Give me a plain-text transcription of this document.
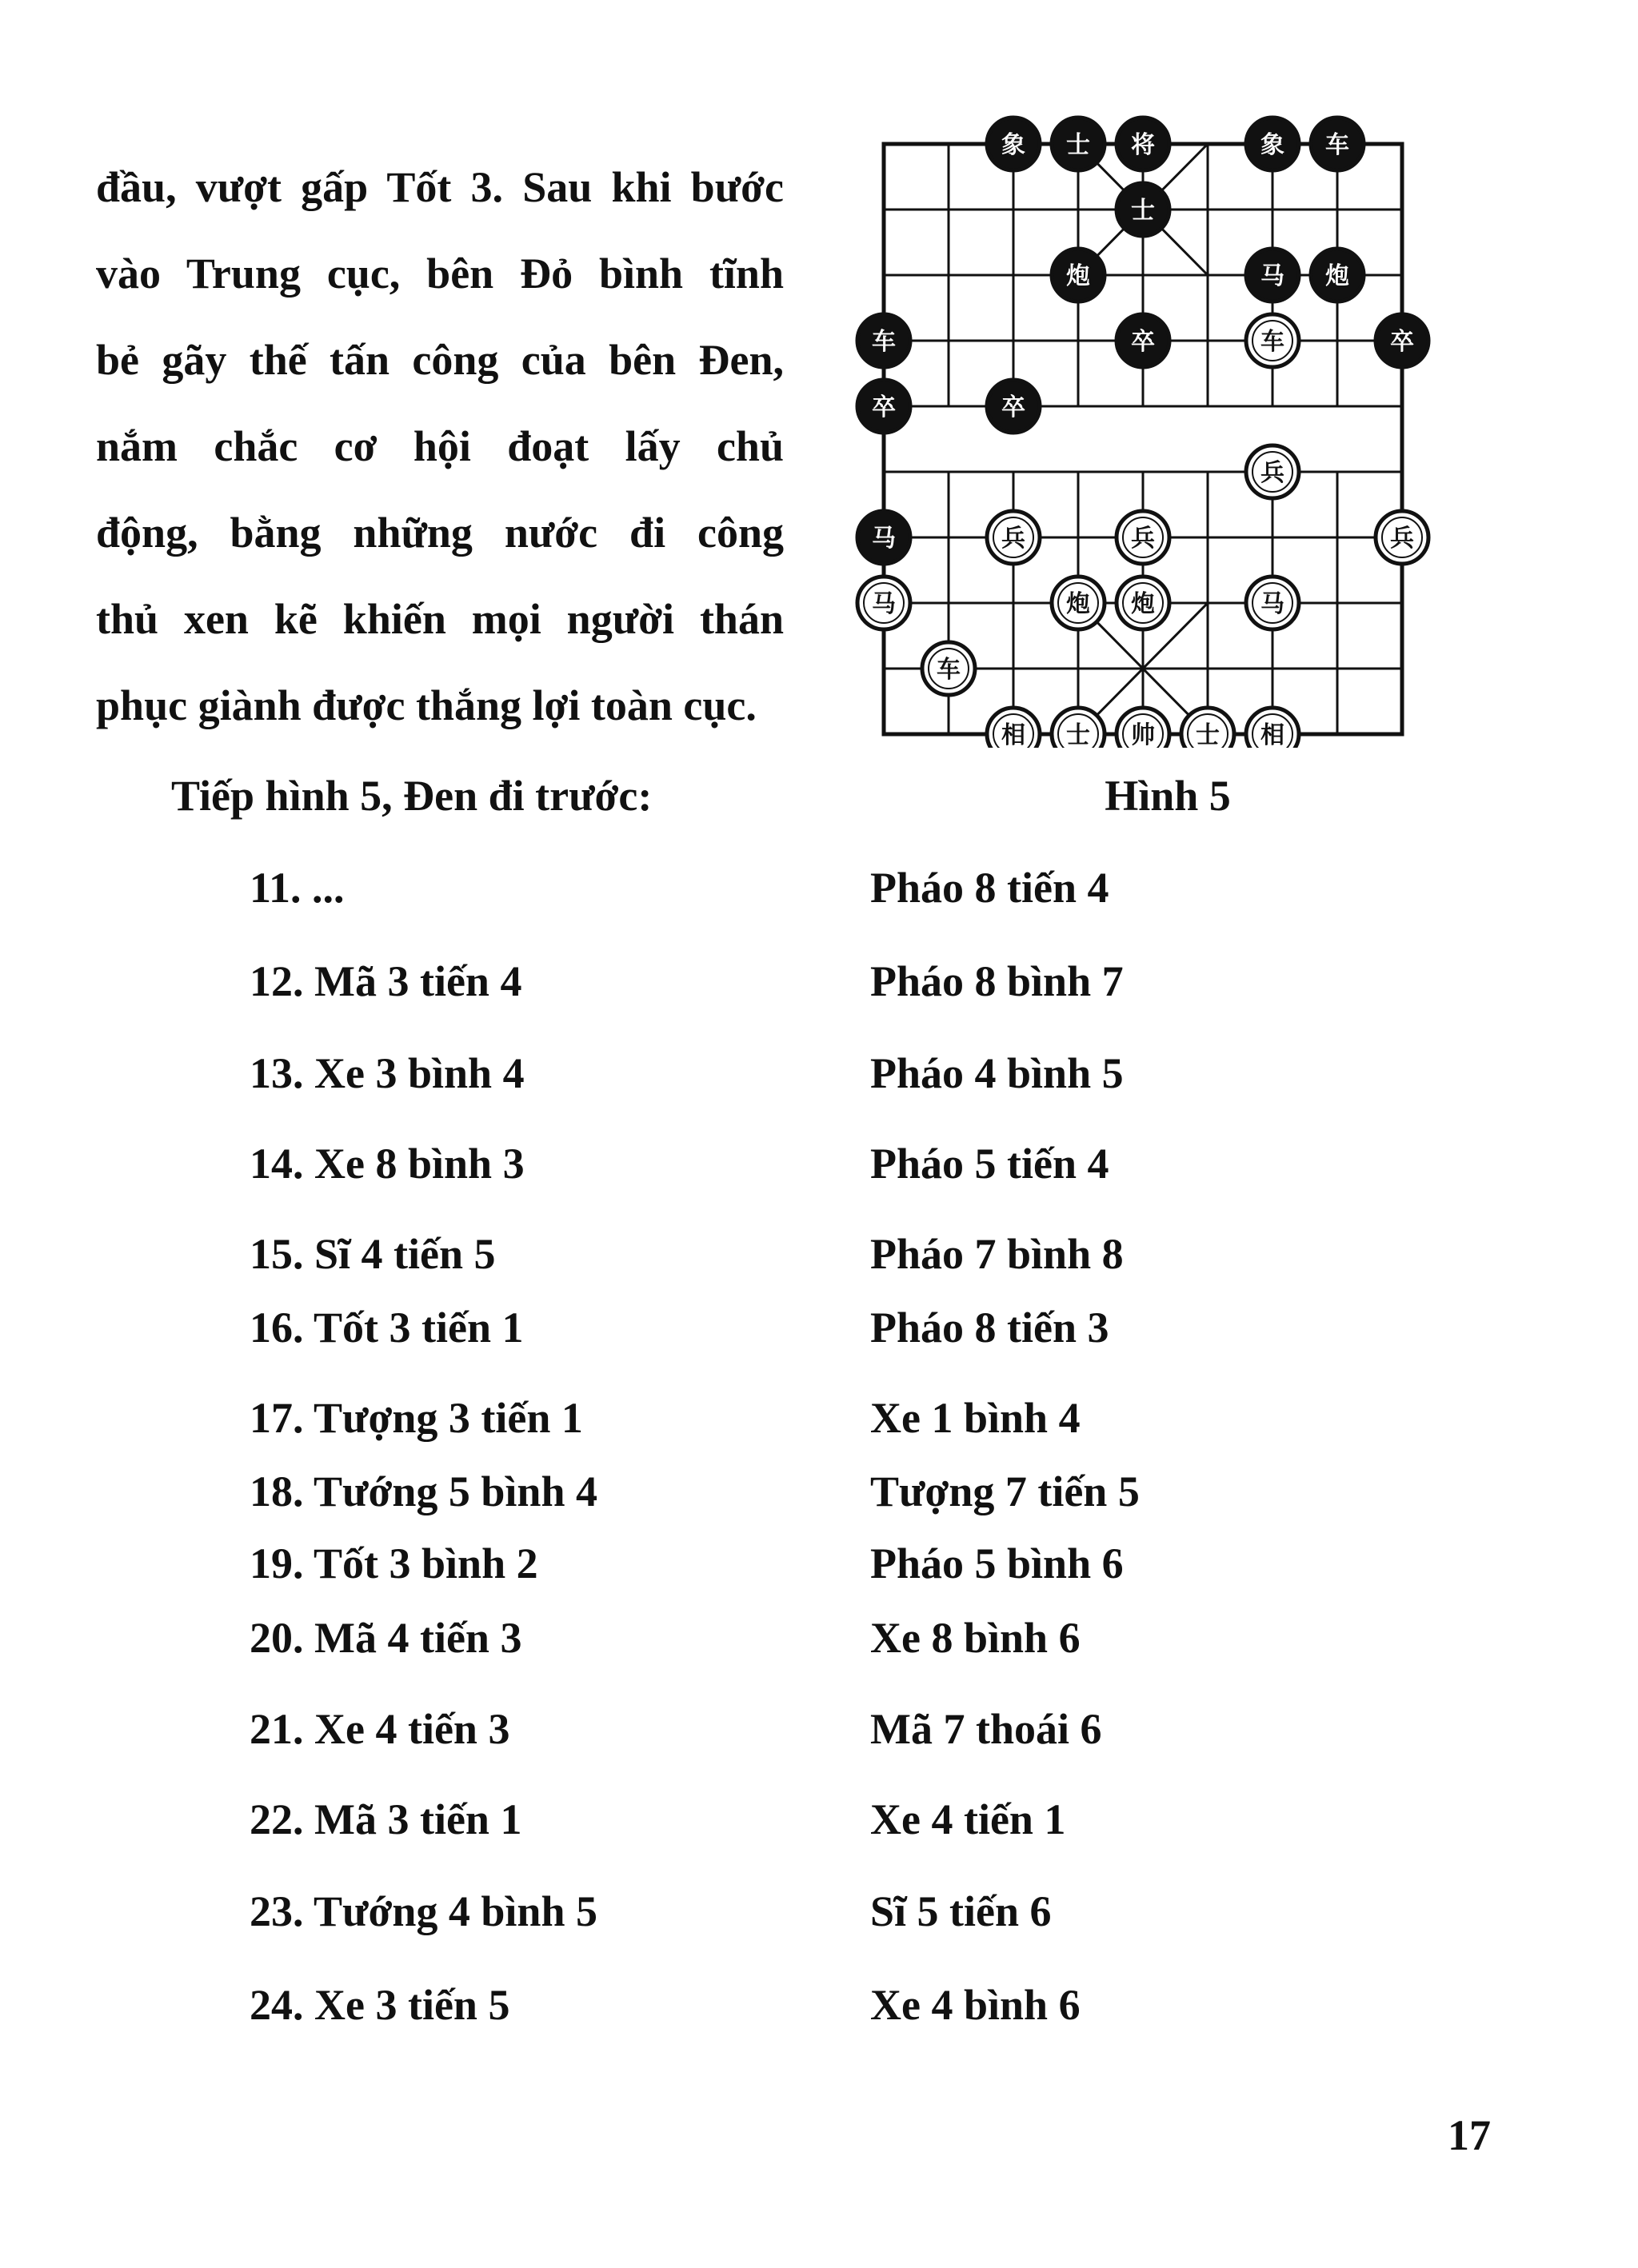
đầu, vượt gấp Tốt 3. Sau khi bước
vào Trung cục, bên Đỏ bình tĩnh
bẻ gãy thế tấn công của bên Đen,
nắm chắc cơ hội đoạt lấy chủ
động, bằng những nước đi công
thủ xen kẽ khiến mọi người thán
phục giành được thắng lợi toàn cục.
Tiếp hình 5, Đen đi trước:
象 士 将	象 车
士
炮	马 炮
车	卒	车	卒
卒	卒
兵
马	兵	兵	兵
马	炮 炮	马
车
相 士 帅 士 相
Hình 5
11. ...	Pháo 8 tiến 4
12. Mã 3 tiến 4	Pháo 8 bình 7
13. Xe 3 bình 4	Pháo 4 bình 5
14. Xe 8 bình 3	Pháo 5 tiến 4
15. Sĩ 4 tiến 5	Pháo 7 bình 8
16. Tốt 3 tiến 1	Pháo 8 tiến 3
17. Tượng 3 tiến 1	Xe 1 bình 4
18. Tướng 5 bình 4	Tượng 7 tiến 5
19. Tốt 3 bình 2	Pháo 5 bình 6
20. Mã 4 tiến 3	Xe 8 bình 6
21. Xe 4 tiến 3	Mã 7 thoái 6
22. Mã 3 tiến 1	Xe 4 tiến 1
23. Tướng 4 bình 5	Sĩ 5 tiến 6
24. Xe 3 tiến 5	Xe 4 bình 6
17
